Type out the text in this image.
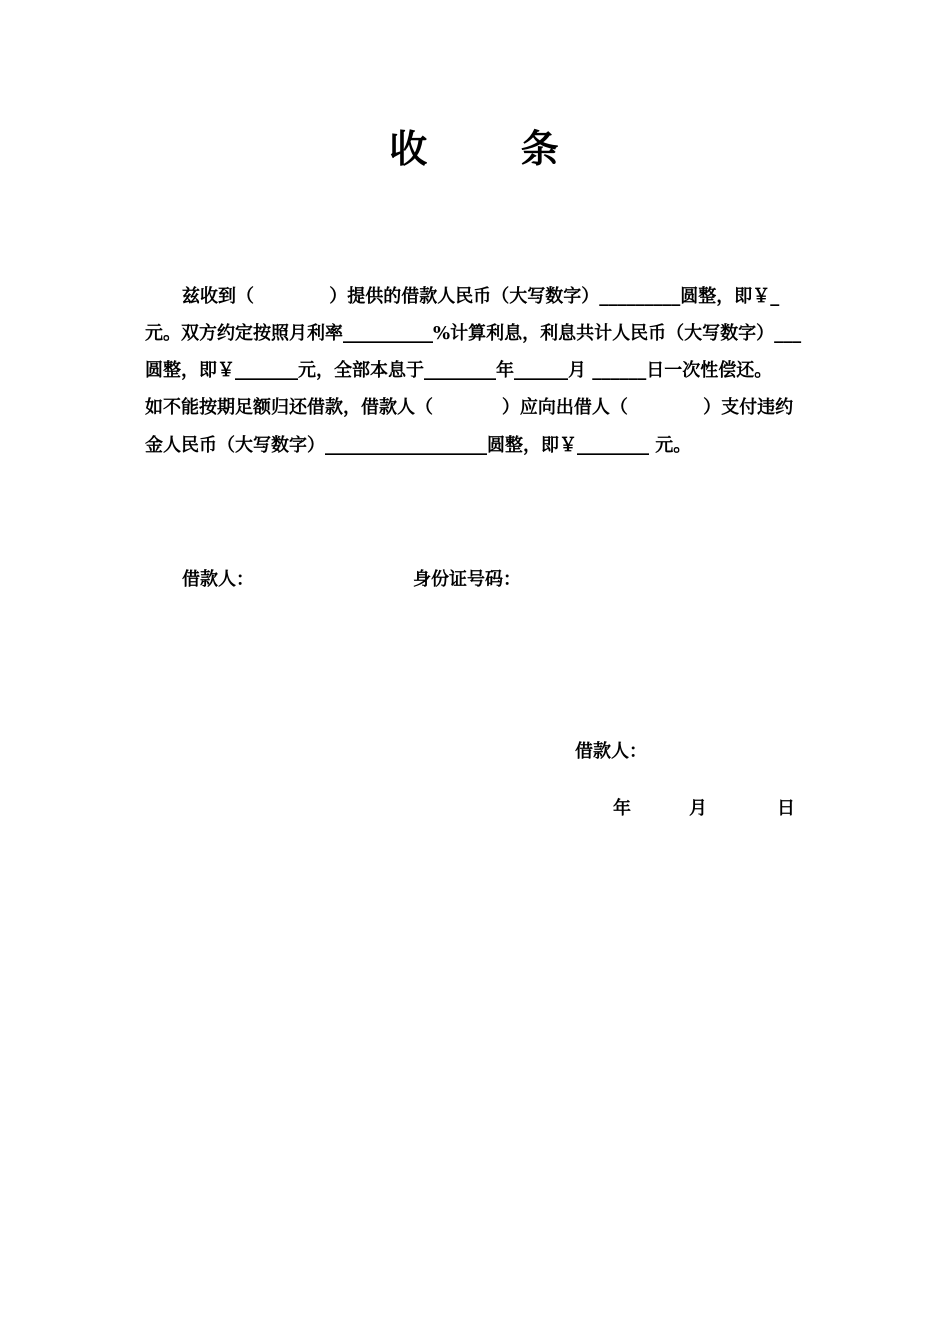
收      条
兹收到（            ）提供的借款人民币（大写数字）_________圆整，即￥_
元。双方约定按照月利率__________%计算利息，利息共计人民币（大写数字）___
圆整，即￥_______元，全部本息于________年______月 ______日一次性偿还。
如不能按期足额归还借款，借款人（           ）应向出借人（            ）支付违约
金人民币（大写数字）__________________圆整，即￥________ 元。
借款人：	身份证号码：
借款人：
年	月	日
